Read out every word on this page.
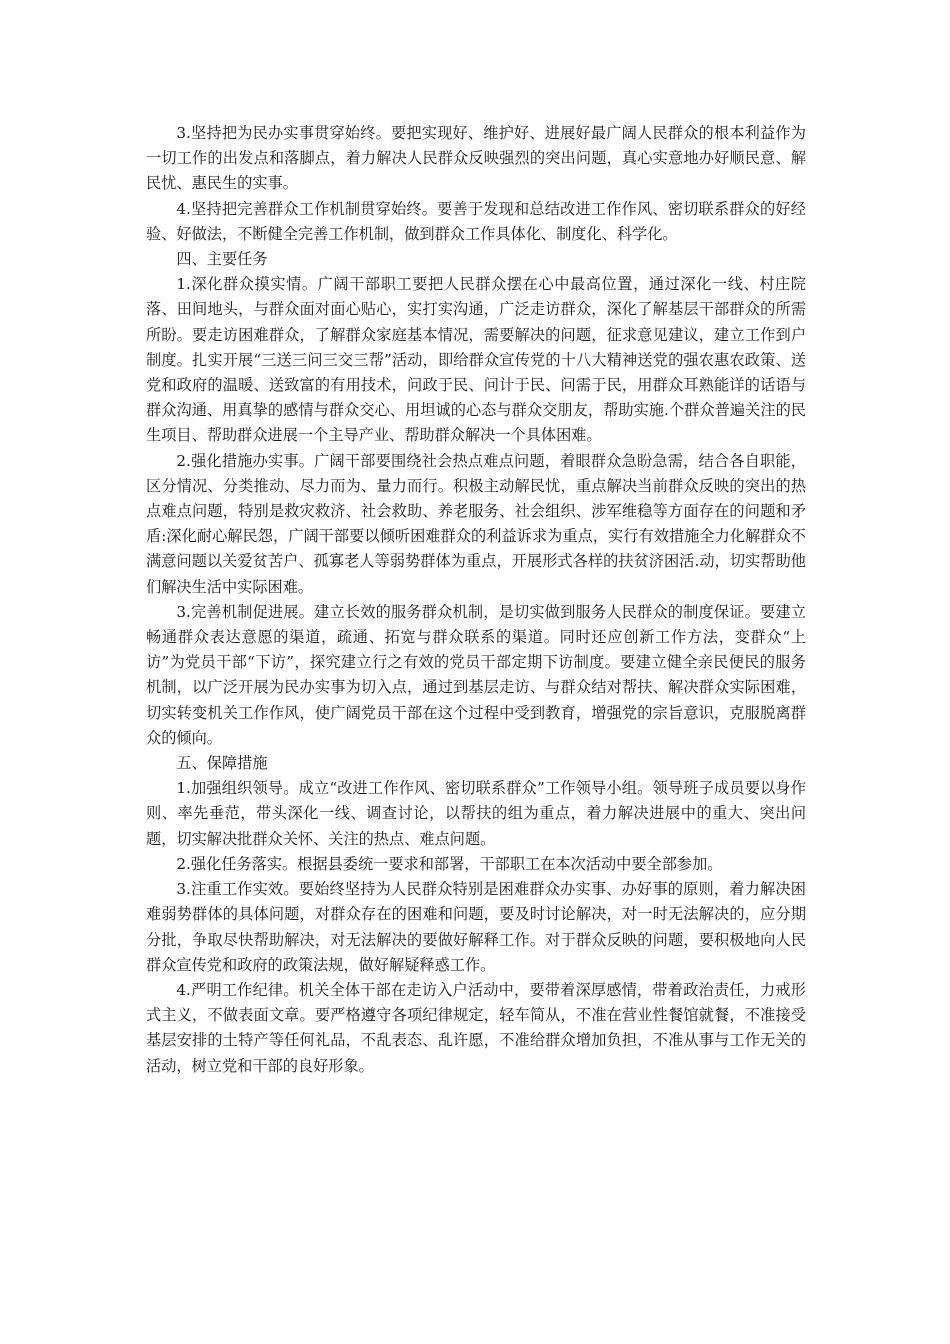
3.坚持把为民办实事贯穿始终。要把实现好、维护好、进展好最广阔人民群众的根本利益作为一切工作的出发点和落脚点，着力解决人民群众反映强烈的突出问题，真心实意地办好顺民意、解民忧、惠民生的实事。

4.坚持把完善群众工作机制贯穿始终。要善于发现和总结改进工作作风、密切联系群众的好经验、好做法，不断健全完善工作机制，做到群众工作具体化、制度化、科学化。

四、主要任务

1.深化群众摸实情。广阔干部职工要把人民群众摆在心中最高位置，通过深化一线、村庄院落、田间地头，与群众面对面心贴心，实打实沟通，广泛走访群众，深化了解基层干部群众的所需所盼。要走访困难群众，了解群众家庭基本情况，需要解决的问题，征求意见建议，建立工作到户制度。扎实开展“三送三问三交三帮”活动，即给群众宣传党的十八大精神送党的强农惠农政策、送党和政府的温暖、送致富的有用技术，问政于民、问计于民、问需于民，用群众耳熟能详的话语与群众沟通、用真挚的感情与群众交心、用坦诚的心态与群众交朋友，帮助实施.个群众普遍关注的民生项目、帮助群众进展一个主导产业、帮助群众解决一个具体困难。

2.强化措施办实事。广阔干部要围绕社会热点难点问题，着眼群众急盼急需，结合各自职能，区分情况、分类推动、尽力而为、量力而行。积极主动解民忧，重点解决当前群众反映的突出的热点难点问题，特别是救灾救济、社会救助、养老服务、社会组织、涉军维稳等方面存在的问题和矛盾:深化耐心解民怨，广阔干部要以倾听困难群众的利益诉求为重点，实行有效措施全力化解群众不满意问题以关爱贫苦户、孤寡老人等弱势群体为重点，开展形式各样的扶贫济困活.动，切实帮助他们解决生活中实际困难。

3.完善机制促进展。建立长效的服务群众机制，是切实做到服务人民群众的制度保证。要建立畅通群众表达意愿的渠道，疏通、拓宽与群众联系的渠道。同时还应创新工作方法，变群众“上访”为党员干部“下访”，探究建立行之有效的党员干部定期下访制度。要建立健全亲民便民的服务机制，以广泛开展为民办实事为切入点，通过到基层走访、与群众结对帮扶、解决群众实际困难，切实转变机关工作作风，使广阔党员干部在这个过程中受到教育，增强党的宗旨意识，克服脱离群众的倾向。

五、保障措施

1.加强组织领导。成立“改进工作作风、密切联系群众”工作领导小组。领导班子成员要以身作则、率先垂范，带头深化一线、调查讨论，以帮扶的组为重点，着力解决进展中的重大、突出问题，切实解决批群众关怀、关注的热点、难点问题。

2.强化任务落实。根据县委统一要求和部署，干部职工在本次活动中要全部参加。

3.注重工作实效。要始终坚持为人民群众特别是困难群众办实事、办好事的原则，着力解决困难弱势群体的具体问题，对群众存在的困难和问题，要及时讨论解决，对一时无法解决的，应分期分批，争取尽快帮助解决，对无法解决的要做好解释工作。对于群众反映的问题，要积极地向人民群众宣传党和政府的政策法规，做好解疑释惑工作。

4.严明工作纪律。机关全体干部在走访入户活动中，要带着深厚感情，带着政治责任，力戒形式主义，不做表面文章。要严格遵守各项纪律规定，轻车简从，不准在营业性餐馆就餐，不准接受基层安排的土特产等任何礼品，不乱表态、乱许愿，不准给群众增加负担，不准从事与工作无关的活动，树立党和干部的良好形象。
